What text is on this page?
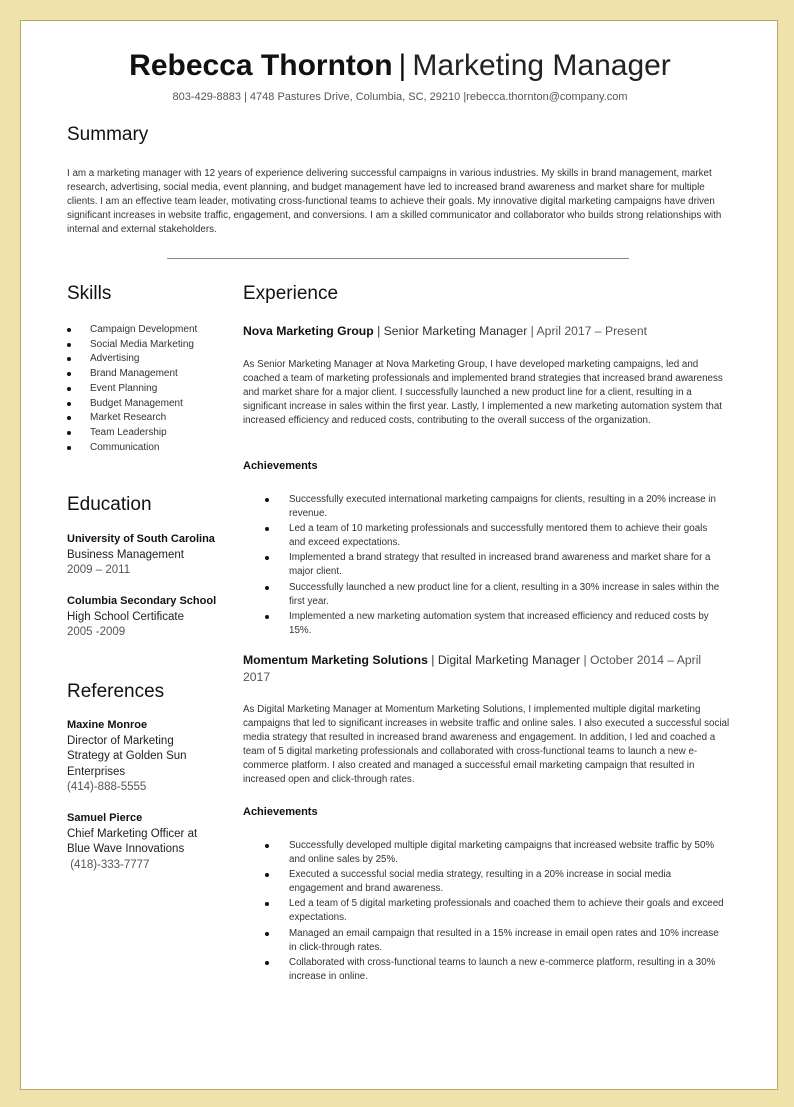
Rebecca Thornton | Marketing Manager
803-429-8883 | 4748 Pastures Drive, Columbia, SC, 29210 |rebecca.thornton@company.com
Summary
I am a marketing manager with 12 years of experience delivering successful campaigns in various industries. My skills in brand management, market research, advertising, social media, event planning, and budget management have led to increased brand awareness and market share for multiple clients. I am an effective team leader, motivating cross-functional teams to achieve their goals. My innovative digital marketing campaigns have driven significant increases in website traffic, engagement, and conversions. I am a skilled communicator and collaborator who builds strong relationships with internal and external stakeholders.
Skills
Campaign Development
Social Media Marketing
Advertising
Brand Management
Event Planning
Budget Management
Market Research
Team Leadership
Communication
Education
University of South Carolina
Business Management
2009 – 2011
Columbia Secondary School
High School Certificate
2005 -2009
References
Maxine Monroe
Director of Marketing Strategy at Golden Sun Enterprises
(414)-888-5555
Samuel Pierce
Chief Marketing Officer at Blue Wave Innovations
(418)-333-7777
Experience
Nova Marketing Group | Senior Marketing Manager | April 2017 – Present
As Senior Marketing Manager at Nova Marketing Group, I have developed marketing campaigns, led and coached a team of marketing professionals and implemented brand strategies that increased brand awareness and market share for a major client. I successfully launched a new product line for a client, resulting in a significant increase in sales within the first year. Lastly, I implemented a new marketing automation system that increased efficiency and reduced costs, contributing to the overall success of the organization.
Achievements
Successfully executed international marketing campaigns for clients, resulting in a 20% increase in revenue.
Led a team of 10 marketing professionals and successfully mentored them to achieve their goals and exceed expectations.
Implemented a brand strategy that resulted in increased brand awareness and market share for a major client.
Successfully launched a new product line for a client, resulting in a 30% increase in sales within the first year.
Implemented a new marketing automation system that increased efficiency and reduced costs by 15%.
Momentum Marketing Solutions | Digital Marketing Manager | October 2014 – April 2017
As Digital Marketing Manager at Momentum Marketing Solutions, I implemented multiple digital marketing campaigns that led to significant increases in website traffic and online sales. I also executed a successful social media strategy that resulted in increased brand awareness and engagement. In addition, I led and coached a team of 5 digital marketing professionals and collaborated with cross-functional teams to launch a new e-commerce platform. I also created and managed a successful email marketing campaign that resulted in increased open and click-through rates.
Achievements
Successfully developed multiple digital marketing campaigns that increased website traffic by 50% and online sales by 25%.
Executed a successful social media strategy, resulting in a 20% increase in social media engagement and brand awareness.
Led a team of 5 digital marketing professionals and coached them to achieve their goals and exceed expectations.
Managed an email campaign that resulted in a 15% increase in email open rates and 10% increase in click-through rates.
Collaborated with cross-functional teams to launch a new e-commerce platform, resulting in a 30% increase in online.
